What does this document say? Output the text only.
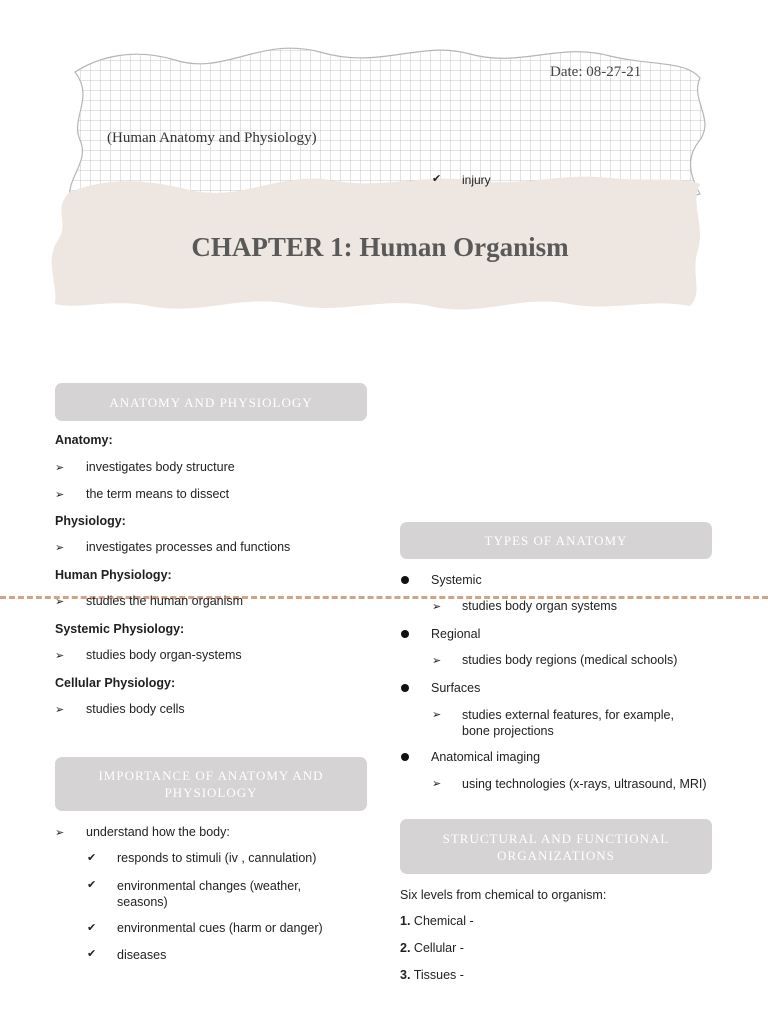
Date: 08-27-21
(Human Anatomy and Physiology)
✔ injury
CHAPTER 1: Human Organism
ANATOMY AND PHYSIOLOGY
Anatomy:
➢ investigates body structure
➢ the term means to dissect
Physiology:
➢ investigates processes and functions
Human Physiology:
➢ studies the human organism
Systemic Physiology:
➢ studies body organ-systems
Cellular Physiology:
➢ studies body cells
IMPORTANCE OF ANATOMY AND PHYSIOLOGY
➢ understand how the body:
✔ responds to stimuli (iv , cannulation)
✔ environmental changes (weather, seasons)
✔ environmental cues (harm or danger)
✔ diseases
TYPES OF ANATOMY
Systemic
➢ studies body organ systems
Regional
➢ studies body regions (medical schools)
Surfaces
➢ studies external features, for example, bone projections
Anatomical imaging
➢ using technologies (x-rays, ultrasound, MRI)
STRUCTURAL AND FUNCTIONAL ORGANIZATIONS
Six levels from chemical to organism:
1. Chemical -
2. Cellular -
3. Tissues -
